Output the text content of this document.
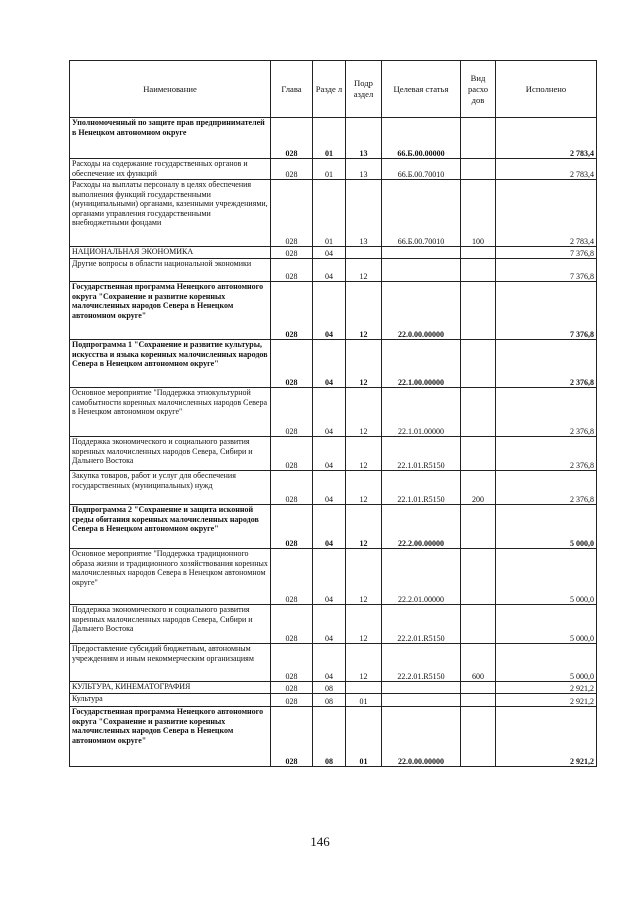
Наименование	Глава	Разде л	Подр аздел	Целевая статья	Вид расхо дов	Исполнено
Уполномоченный по защите прав предпринимателей в Ненецком автономном округе	028	01	13	66.Б.00.00000		2 783,4
Расходы на содержание государственных органов и обеспечение их функций	028	01	13	66.Б.00.70010		2 783,4
Расходы на выплаты персоналу в целях обеспечения выполнения функций государственными (муниципальными) органами, казенными учреждениями, органами управления государственными внебюджетными фондами	028	01	13	66.Б.00.70010	100	2 783,4
НАЦИОНАЛЬНАЯ ЭКОНОМИКА	028	04				7 376,8
Другие вопросы в области национальной экономики	028	04	12			7 376,8
Государственная программа Ненецкого автономного округа "Сохранение и развитие коренных малочисленных народов Севера в Ненецком автономном округе"	028	04	12	22.0.00.00000		7 376,8
Подпрограмма 1 "Сохранение и развитие культуры, искусства и языка коренных малочисленных народов Севера в Ненецком автономном округе"	028	04	12	22.1.00.00000		2 376,8
Основное мероприятие "Поддержка этнокультурной самобытности коренных малочисленных народов Севера в Ненецком автономном округе"	028	04	12	22.1.01.00000		2 376,8
Поддержка экономического и социального развития коренных малочисленных народов Севера, Сибири и Дальнего Востока	028	04	12	22.1.01.R5150		2 376,8
Закупка товаров, работ и услуг для обеспечения государственных (муниципальных) нужд	028	04	12	22.1.01.R5150	200	2 376,8
Подпрограмма 2 "Сохранение и защита исконной среды обитания коренных малочисленных народов Севера в Ненецком автономном округе"	028	04	12	22.2.00.00000		5 000,0
Основное мероприятие "Поддержка традиционного образа жизни и традиционного хозяйствования коренных малочисленных народов Севера в Ненецком автономном округе"	028	04	12	22.2.01.00000		5 000,0
Поддержка экономического и социального развития коренных малочисленных народов Севера, Сибири и Дальнего Востока	028	04	12	22.2.01.R5150		5 000,0
Предоставление субсидий бюджетным, автономным учреждениям и иным некоммерческим организациям	028	04	12	22.2.01.R5150	600	5 000,0
КУЛЬТУРА, КИНЕМАТОГРАФИЯ	028	08				2 921,2
Культура	028	08	01			2 921,2
Государственная программа Ненецкого автономного округа "Сохранение и развитие коренных малочисленных народов Севера в Ненецком автономном округе"	028	08	01	22.0.00.00000		2 921,2
146
